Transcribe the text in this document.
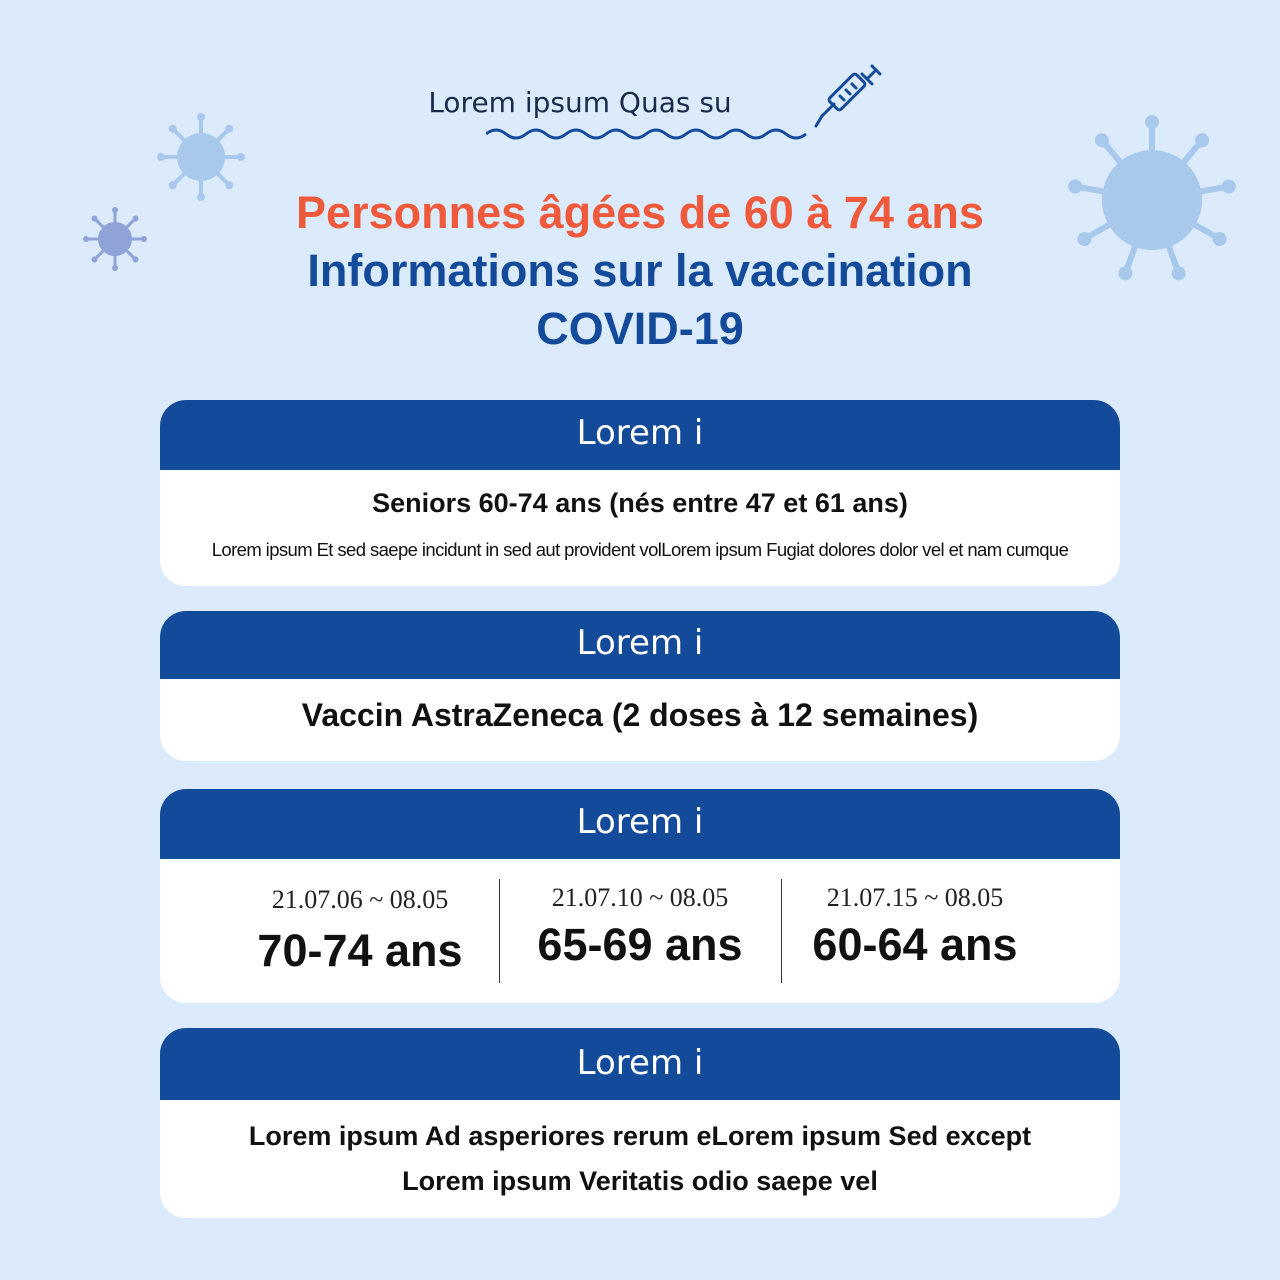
Lorem ipsum Quas su
Personnes âgées de 60 à 74 ans
Informations sur la vaccination
COVID-19
Lorem i
Seniors 60-74 ans (nés entre 47 et 61 ans)
Lorem ipsum Et sed saepe incidunt in sed aut provident volLorem ipsum Fugiat dolores dolor vel et nam cumque
Lorem i
Vaccin AstraZeneca (2 doses à 12 semaines)
Lorem i
21.07.06 ~ 08.05
70-74 ans
21.07.10 ~ 08.05
65-69 ans
21.07.15 ~ 08.05
60-64 ans
Lorem i
Lorem ipsum Ad asperiores rerum eLorem ipsum Sed except
Lorem ipsum Veritatis odio saepe vel
